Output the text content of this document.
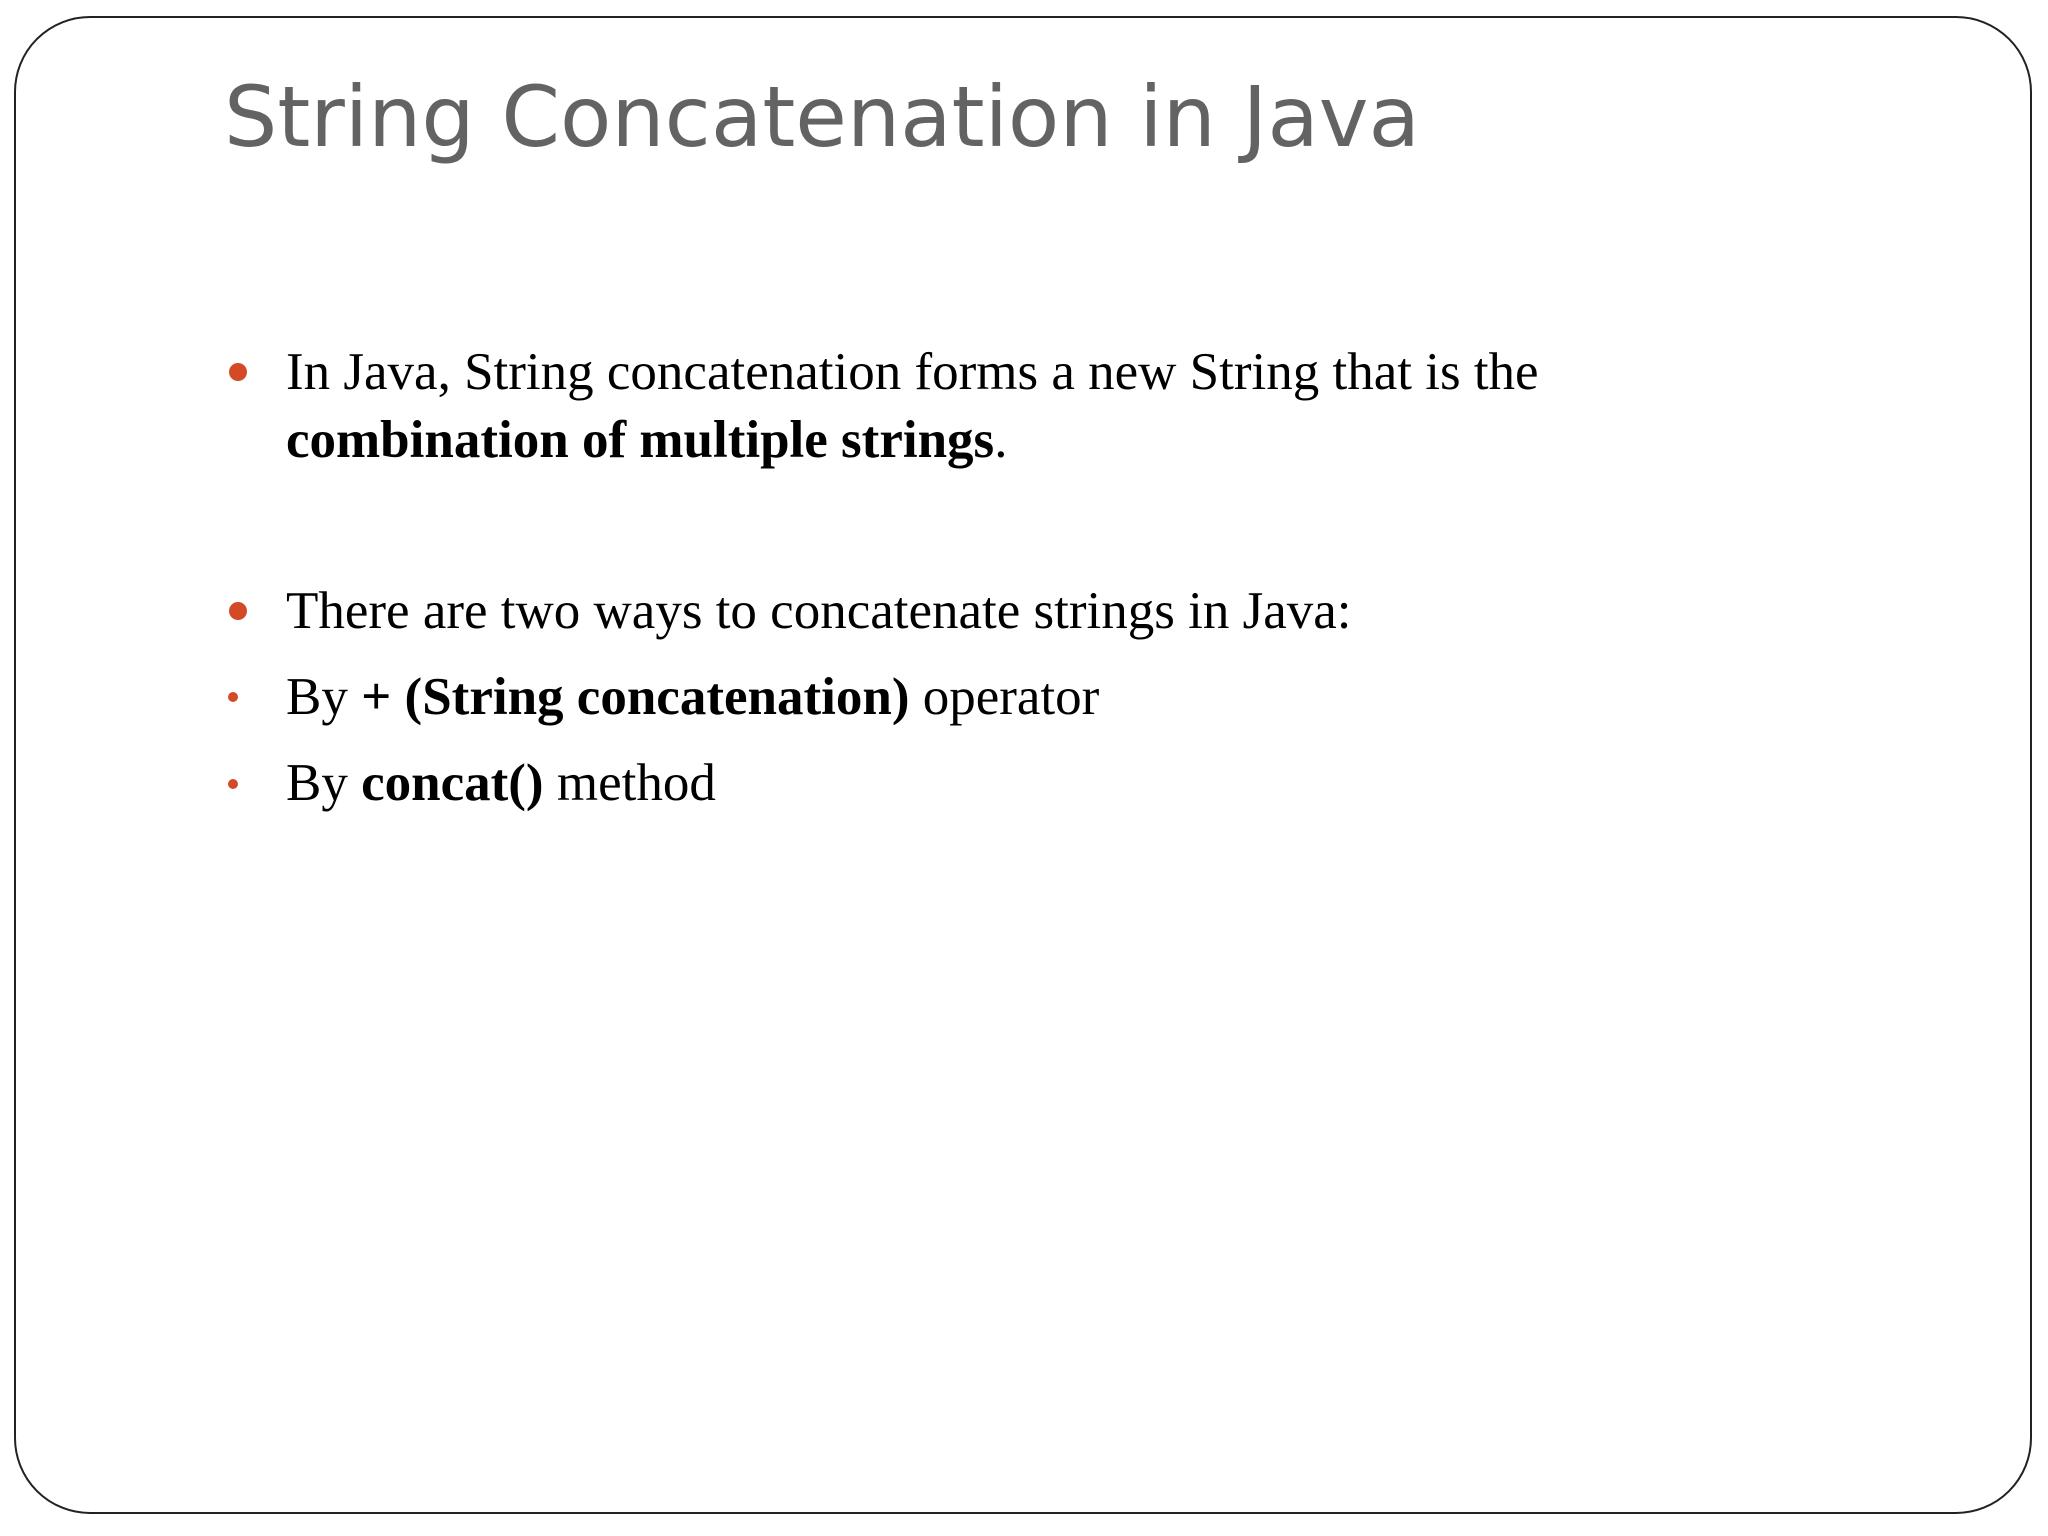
String Concatenation in Java
In Java, String concatenation forms a new String that is the
combination of multiple strings.
There are two ways to concatenate strings in Java:
By + (String concatenation) operator
By concat() method
